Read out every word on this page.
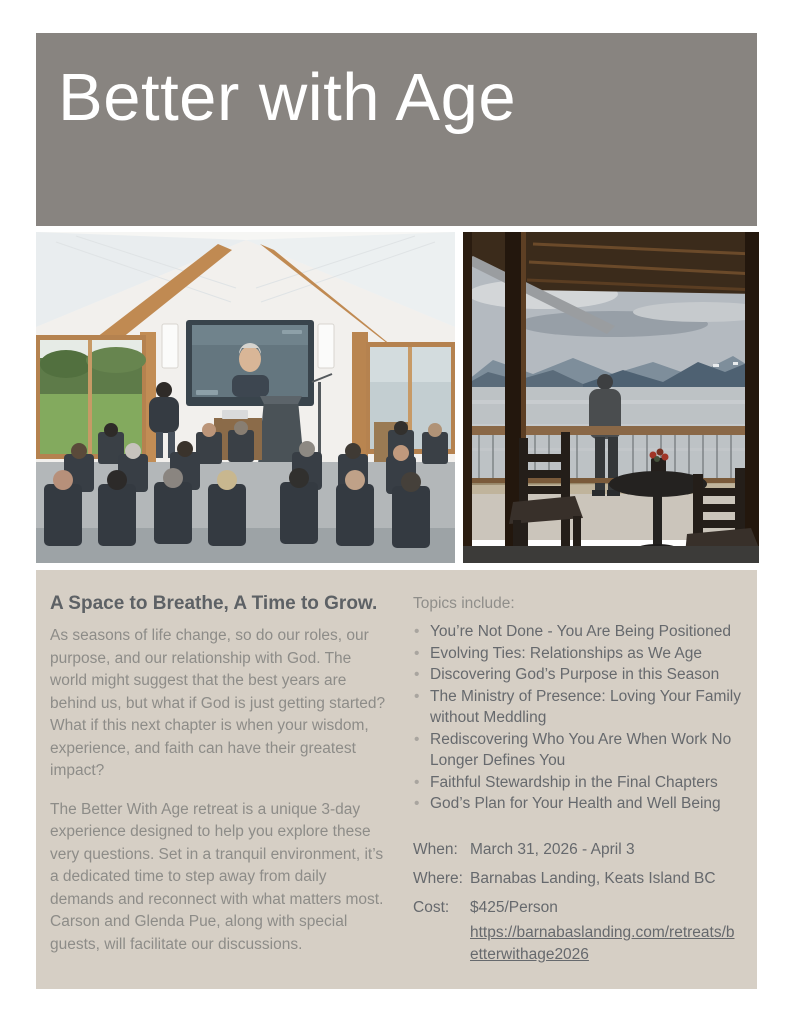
Better with Age
A Space to Breathe, A Time to Grow.

As seasons of life change, so do our roles, our purpose, and our relationship with God. The world might suggest that the best years are behind us, but what if God is just getting started? What if this next chapter is when your wisdom, experience, and faith can have their greatest impact?

The Better With Age retreat is a unique 3-day experience designed to help you explore these very questions. Set in a tranquil environment, it’s a dedicated time to step away from daily demands and reconnect with what matters most. Carson and Glenda Pue, along with special guests, will facilitate our discussions.

Topics include:

• You’re Not Done - You Are Being Positioned
• Evolving Ties: Relationships as We Age
• Discovering God’s Purpose in this Season
• The Ministry of Presence: Loving Your Family without Meddling
• Rediscovering Who You Are When Work No Longer Defines You
• Faithful Stewardship in the Final Chapters
• God’s Plan for Your Health and Well Being
When: March 31, 2026 - April 3
Where: Barnabas Landing, Keats Island BC
Cost:	$425/Person
https://barnabaslanding.com/retreats/betterwithage2026
